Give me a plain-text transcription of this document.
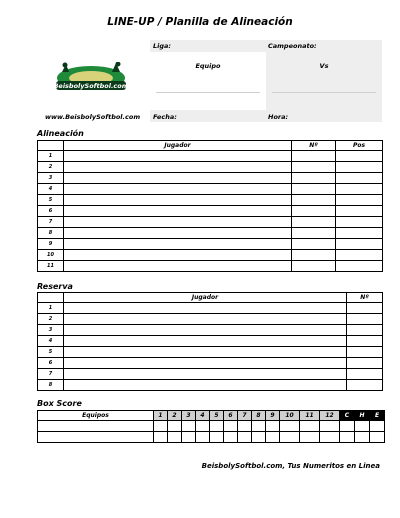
LINE-UP / Planilla de Alineación
BeisbolySoftbol.com
www.BeisbolySoftbol.com
Liga:	Campeonato:
Equipo	Vs
Fecha:	Hora:
Alineación
	Jugador	Nº	Pos
1			
2			
3			
4			
5			
6			
7			
8			
9			
10			
11			
Reserva
	Jugador	Nº
1		
2		
3		
4		
5		
6		
7		
8		
Box Score
Equipos	1	2	3	4	5	6	7	8	9	10	11	12	C	H	E

BeisbolySoftbol.com, Tus Numeritos en Linea
